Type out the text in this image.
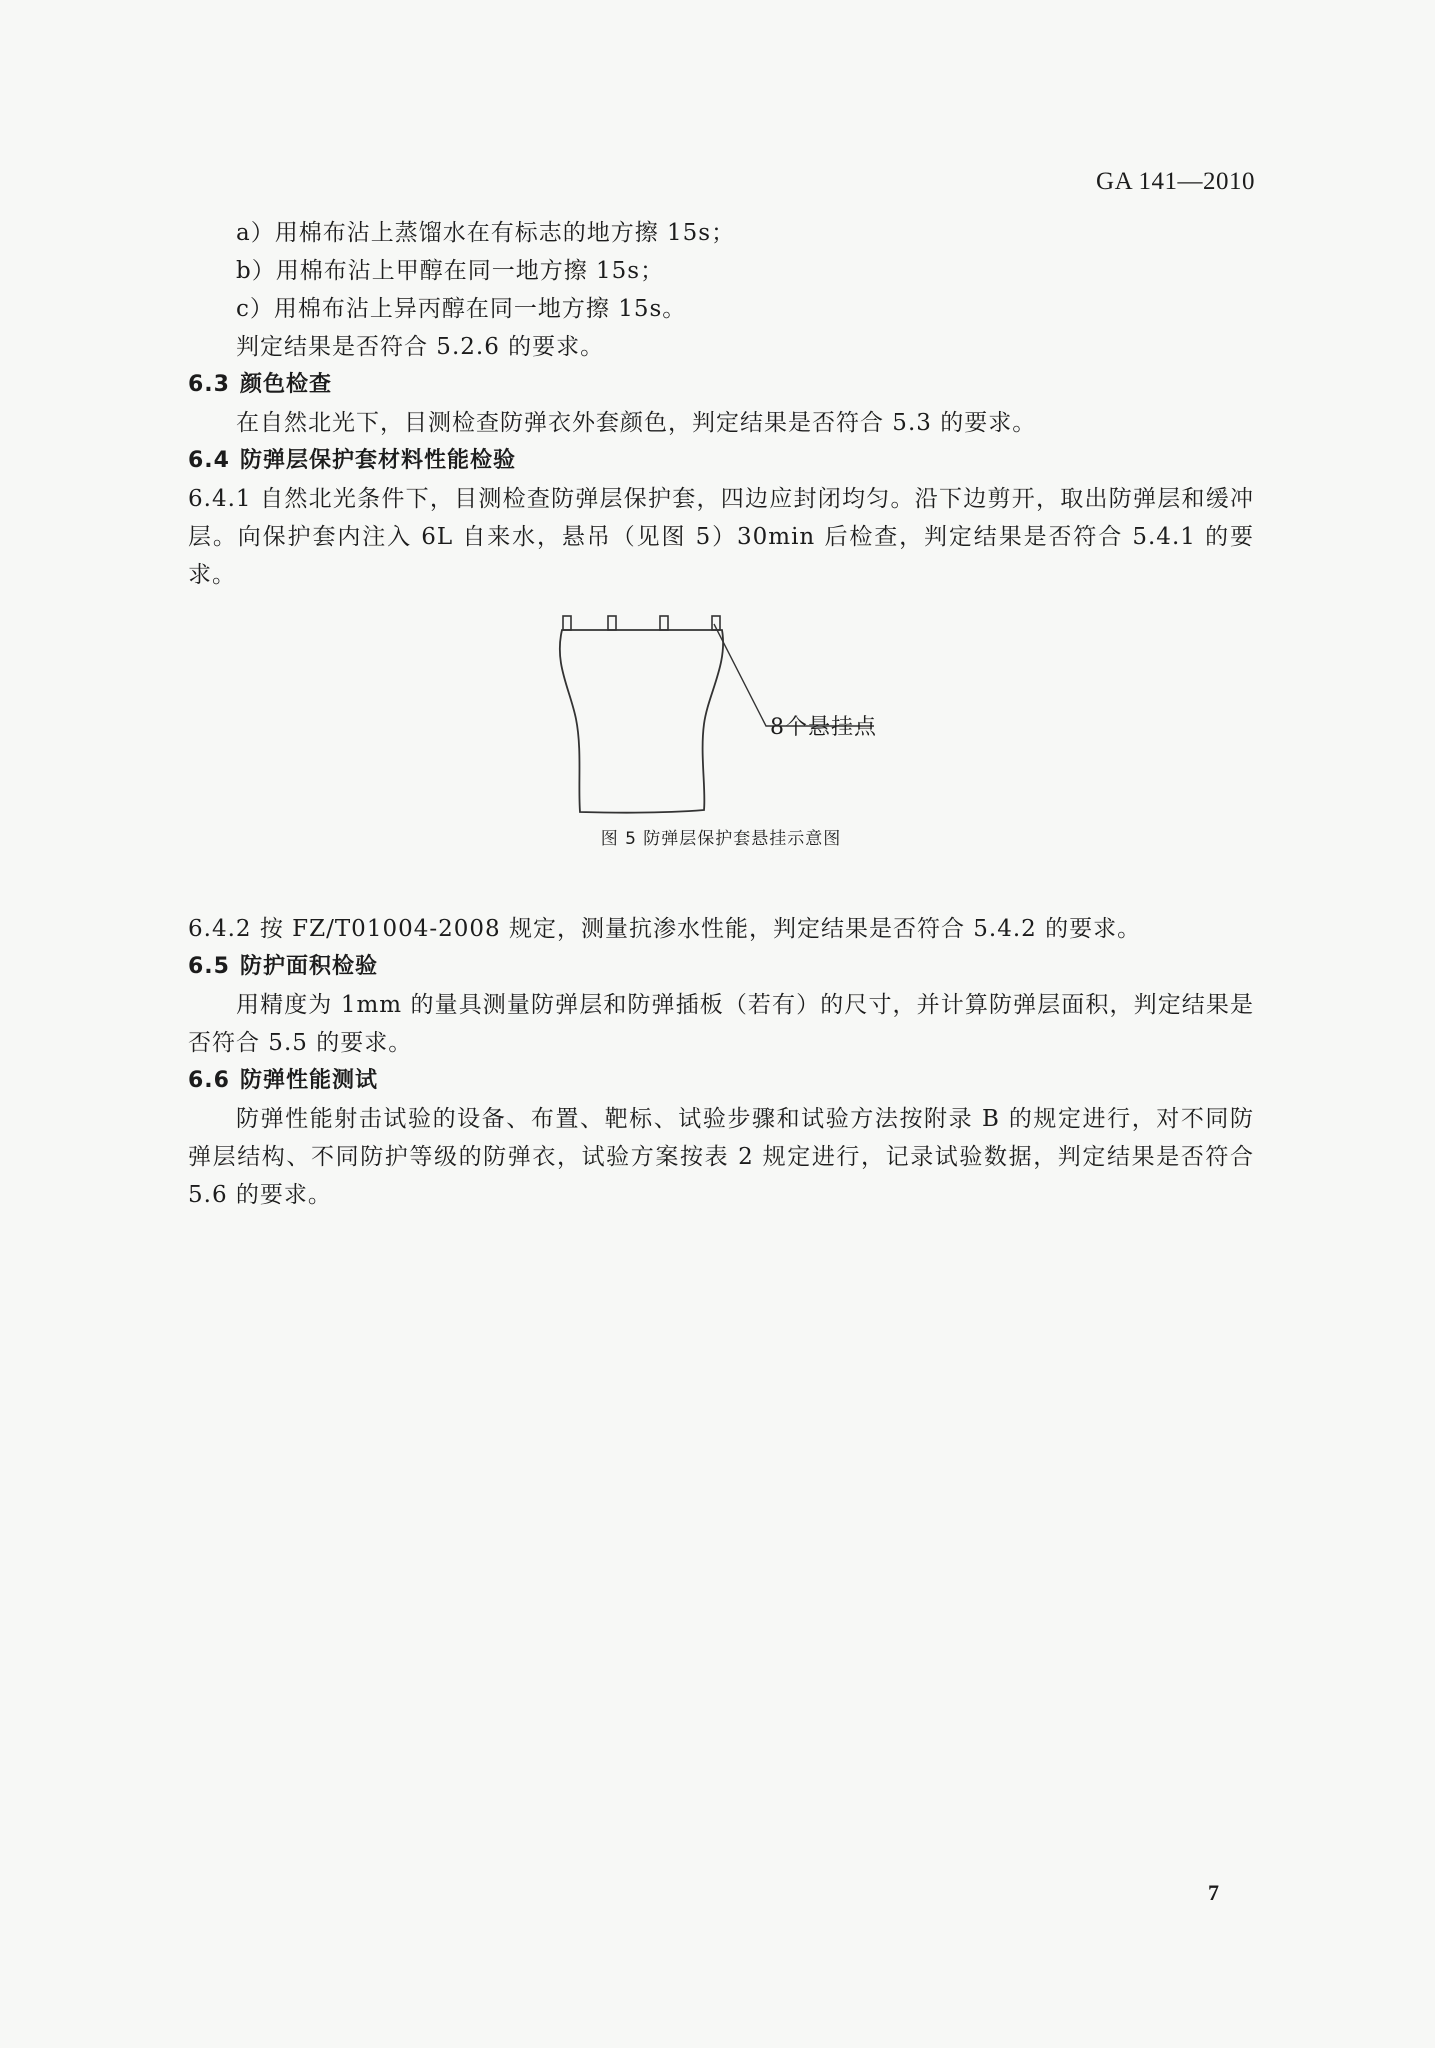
GA 141—2010

a）用棉布沾上蒸馏水在有标志的地方擦 15s；

b）用棉布沾上甲醇在同一地方擦 15s；

c）用棉布沾上异丙醇在同一地方擦 15s。

判定结果是否符合 5.2.6 的要求。

6.3 颜色检查

在自然北光下，目测检查防弹衣外套颜色，判定结果是否符合 5.3 的要求。

6.4 防弹层保护套材料性能检验

6.4.1 自然北光条件下，目测检查防弹层保护套，四边应封闭均匀。沿下边剪开，取出防弹层和缓冲层。向保护套内注入 6L 自来水，悬吊（见图 5）30min 后检查，判定结果是否符合 5.4.1 的要求。

8个悬挂点
图 5 防弹层保护套悬挂示意图

6.4.2 按 FZ/T01004-2008 规定，测量抗渗水性能，判定结果是否符合 5.4.2 的要求。

6.5 防护面积检验

用精度为 1mm 的量具测量防弹层和防弹插板（若有）的尺寸，并计算防弹层面积，判定结果是否符合 5.5 的要求。

6.6 防弹性能测试

防弹性能射击试验的设备、布置、靶标、试验步骤和试验方法按附录 B 的规定进行，对不同防弹层结构、不同防护等级的防弹衣，试验方案按表 2 规定进行，记录试验数据，判定结果是否符合 5.6 的要求。

7
